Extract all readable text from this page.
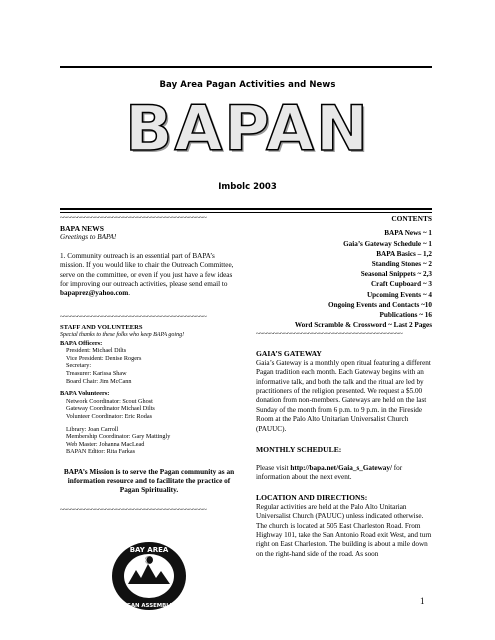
Bay Area Pagan Activities and News
BAPAN
Imbolc 2003
~~~~~~~~~~~~~~~~~~~~~~~~~~~~~~~~~~~~~~~~~~
BAPA NEWS
Greetings to BAPA!
1. Community outreach is an essential part of BAPA’s mission. If you would like to chair the Outreach Committee, serve on the committee, or even if you just have a few ideas for improving our outreach activities, please send email to bapaprez@yahoo.com.
~~~~~~~~~~~~~~~~~~~~~~~~~~~~~~~~~~~~~~~~~~
STAFF AND VOLUNTEERS
Special thanks to these folks who keep BAPA going!
BAPA Officers:
President: Michael Dilts
Vice President: Denise Rogers
Secretary:
Treasurer: Karissa Shaw
Board Chair: Jim McCann
BAPA Volunteers:
Network Coordinator: Scout Ghost
Gateway Coordinator Michael Dilts
Volunteer Coordinator: Eric Rodas
Library: Joan Carroll
Membership Coordinator: Gary Mattingly
Web Master: Johanna MacLead
BAPAN Editor: Rita Farkas
BAPA’s Mission is to serve the Pagan community as an information resource and to facilitate the practice of Pagan Spirituality.
~~~~~~~~~~~~~~~~~~~~~~~~~~~~~~~~~~~~~~~~~~
BAY AREA
PAGAN ASSEMBLIES
CONTENTS
BAPA News ~ 1
Gaia’s Gateway Schedule ~ 1
BAPA Basics – 1,2
Standing Stones ~ 2
Seasonal Snippets ~ 2,3
Craft Cupboard ~ 3
Upcoming Events ~ 4
Ongoing Events and Contacts ~10
Publications ~ 16
Word Scramble & Crossword ~ Last 2 Pages
~~~~~~~~~~~~~~~~~~~~~~~~~~~~~~~~~~~~~~~~~~
GAIA’S GATEWAY
Gaia’s Gateway is a monthly open ritual featuring a different Pagan tradition each month. Each Gateway begins with an informative talk, and both the talk and the ritual are led by practitioners of the religion presented. We request a $5.00 donation from non-members. Gateways are held on the last Sunday of the month from 6 p.m. to 9 p.m. in the Fireside Room at the Palo Alto Unitarian Universalist Church (PAUUC).
MONTHLY SCHEDULE:
Please visit http://bapa.net/Gaia_s_Gateway/ for information about the next event.
LOCATION AND DIRECTIONS:
Regular activities are held at the Palo Alto Unitarian Universalist Church (PAUUC) unless indicated otherwise. The church is located at 505 East Charleston Road. From Highway 101, take the San Antonio Road exit West, and turn right on East Charleston. The building is about a mile down on the right-hand side of the road. As soon
1
